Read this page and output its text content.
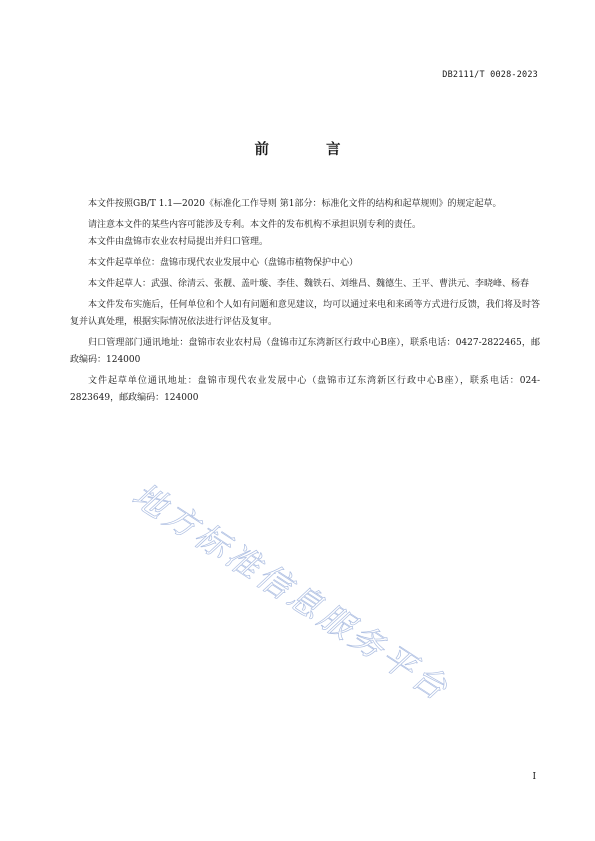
DB2111/T 0028-2023
前 言

本文件按照GB/T 1.1—2020《标准化工作导则 第1部分：标准化文件的结构和起草规则》的规定起草。

请注意本文件的某些内容可能涉及专利。本文件的发布机构不承担识别专利的责任。

本文件由盘锦市农业农村局提出并归口管理。

本文件起草单位：盘锦市现代农业发展中心（盘锦市植物保护中心）

本文件起草人：武强、徐清云、张靓、盖叶璇、李佳、魏铁石、刘维昌、魏德生、王平、曹洪元、李晓峰、杨春

本文件发布实施后，任何单位和个人如有问题和意见建议，均可以通过来电和来函等方式进行反馈，我们将及时答复并认真处理，根据实际情况依法进行评估及复审。

归口管理部门通讯地址：盘锦市农业农村局（盘锦市辽东湾新区行政中心B座），联系电话：0427-2822465，邮政编码：124000

文件起草单位通讯地址：盘锦市现代农业发展中心（盘锦市辽东湾新区行政中心B座），联系电话：024-2823649，邮政编码：124000

地方标准信息服务平台
I
